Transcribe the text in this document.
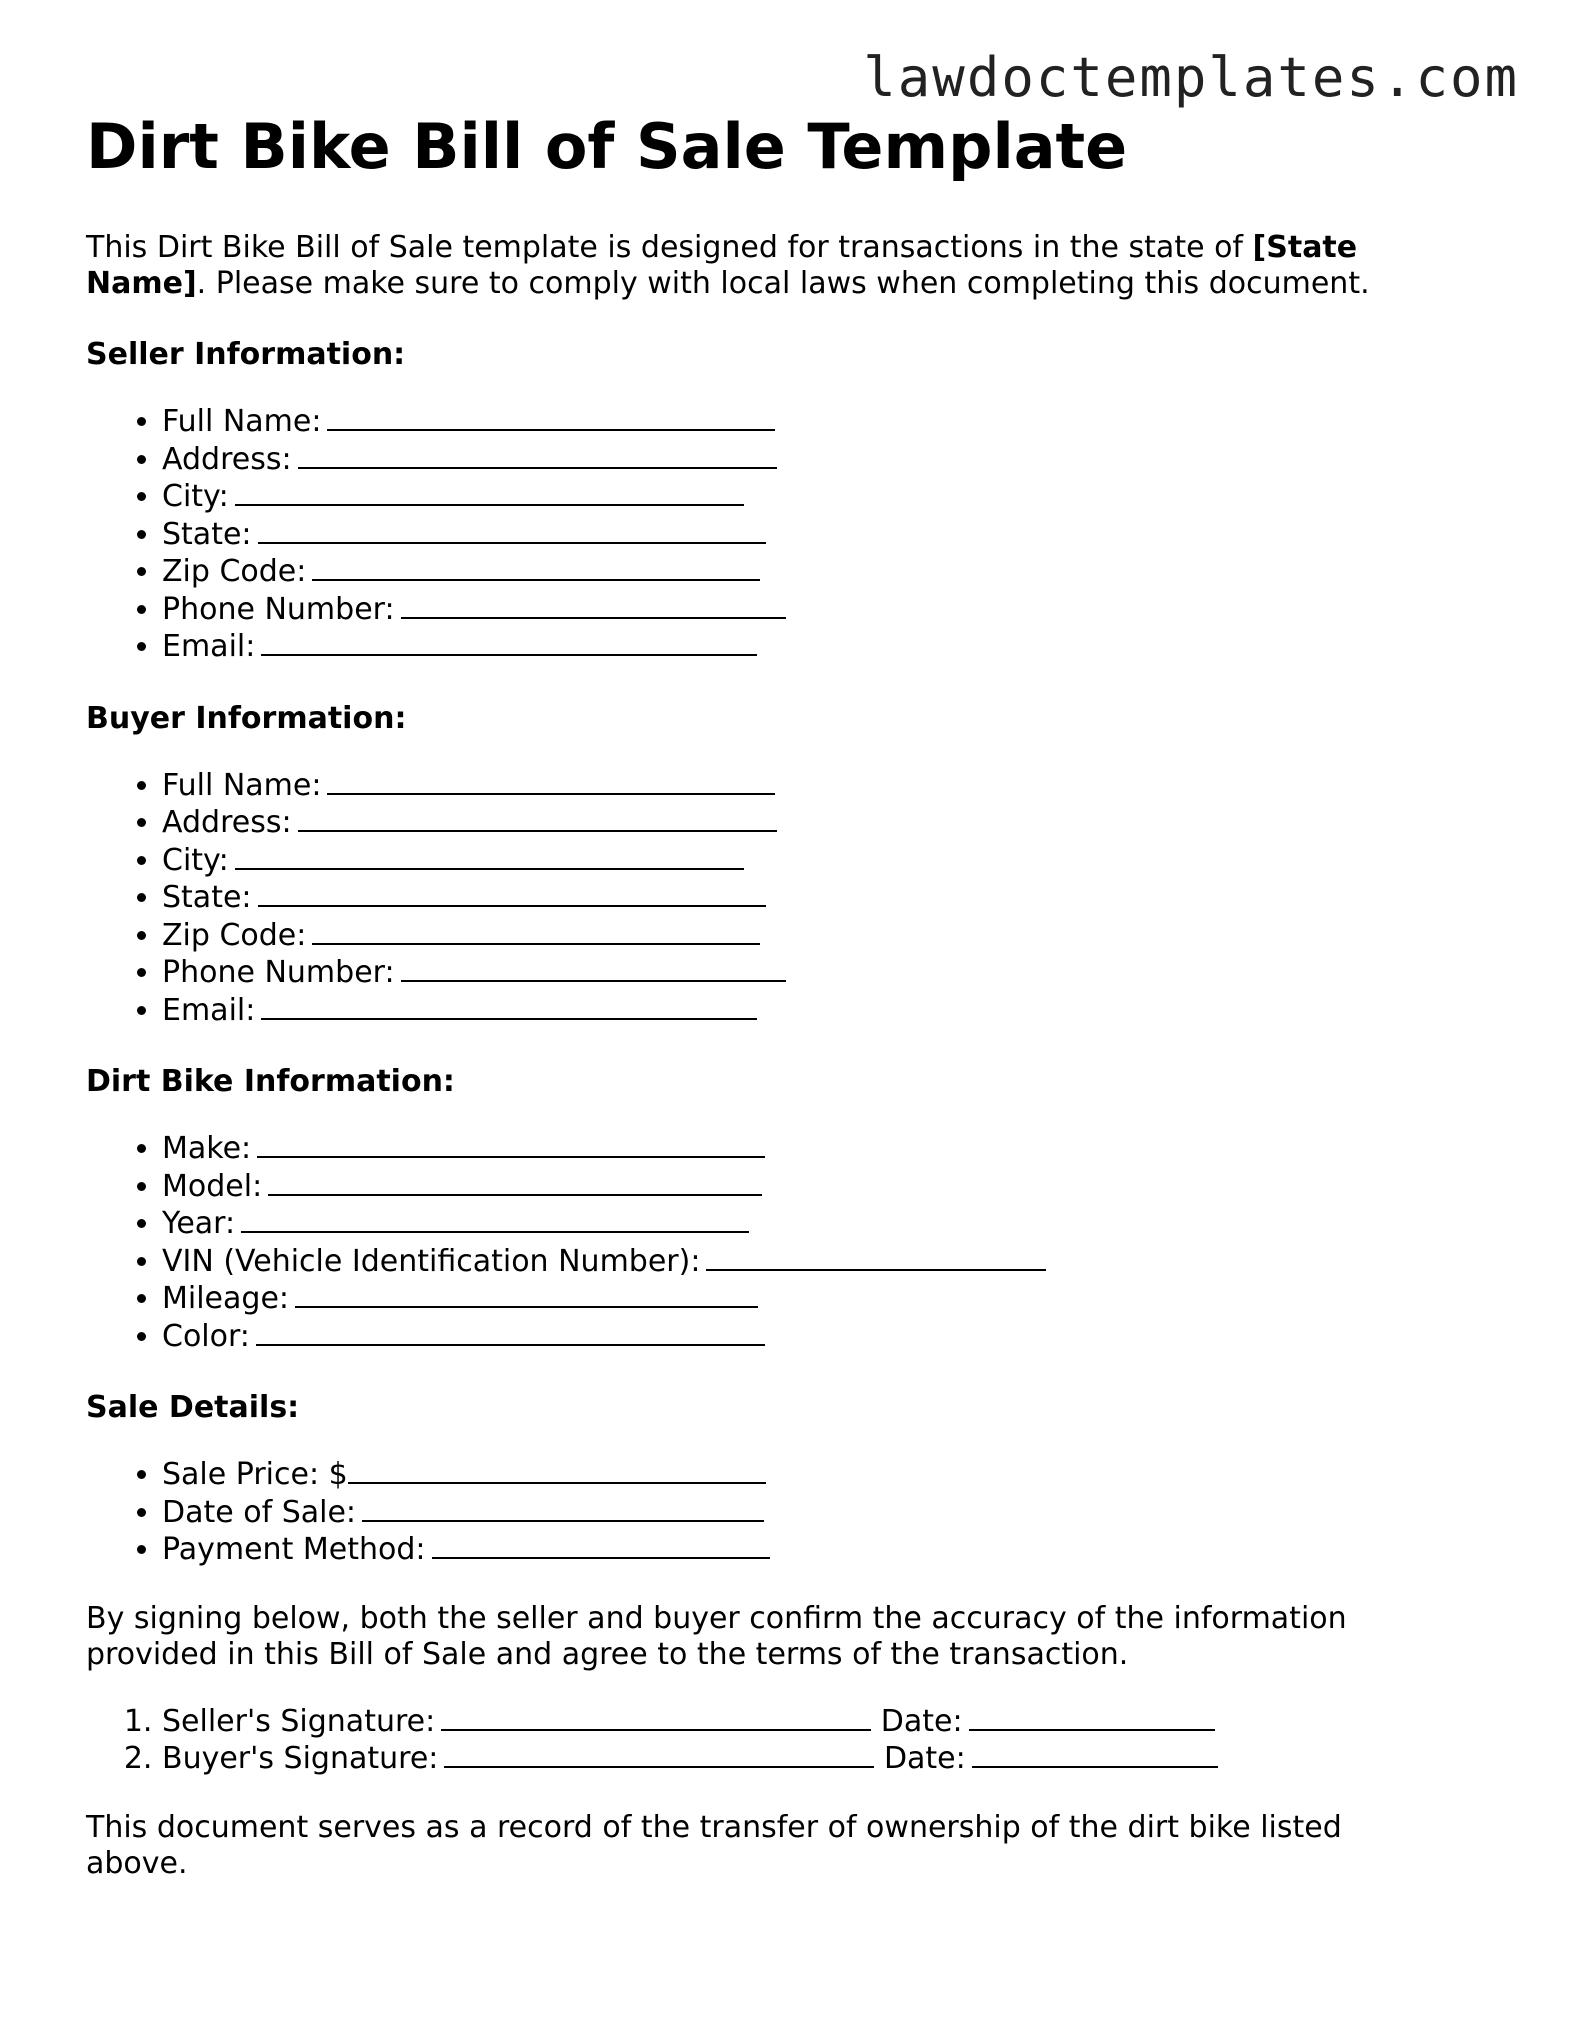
lawdoctemplates.com
Dirt Bike Bill of Sale Template

This Dirt Bike Bill of Sale template is designed for transactions in the state of [State Name]. Please make sure to comply with local laws when completing this document.

Seller Information:

• Full Name:
• Address:
• City:
• State:
• Zip Code:
• Phone Number:
• Email:

Buyer Information:

• Full Name:
• Address:
• City:
• State:
• Zip Code:
• Phone Number:
• Email:

Dirt Bike Information:

• Make:
• Model:
• Year:
• VIN (Vehicle Identification Number):
• Mileage:
• Color:

Sale Details:

• Sale Price: $
• Date of Sale:
• Payment Method:

By signing below, both the seller and buyer confirm the accuracy of the information provided in this Bill of Sale and agree to the terms of the transaction.

1. Seller's Signature:	Date:
2. Buyer's Signature:	Date:

This document serves as a record of the transfer of ownership of the dirt bike listed above.
